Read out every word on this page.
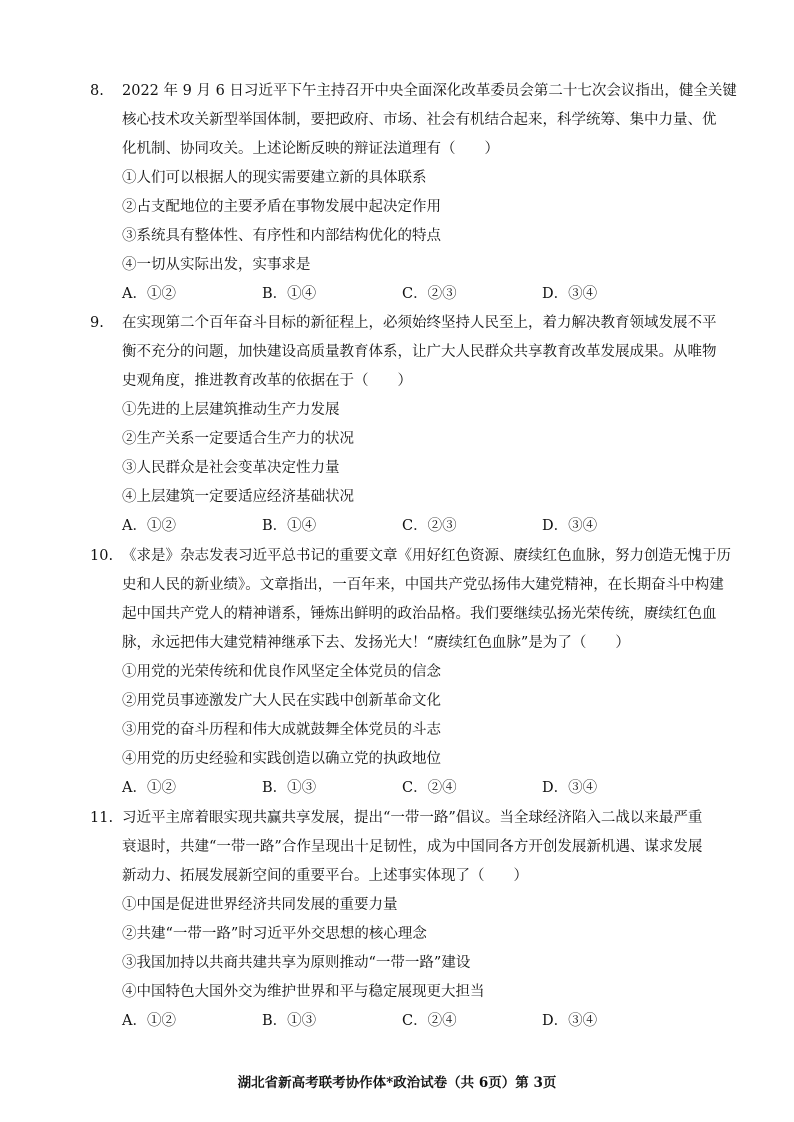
8.	2022 年 9 月 6 日习近平下午主持召开中央全面深化改革委员会第二十七次会议指出，健全关键
核心技术攻关新型举国体制，要把政府、市场、社会有机结合起来，科学统筹、集中力量、优
化机制、协同攻关。上述论断反映的辩证法道理有（　　）
①人们可以根据人的现实需要建立新的具体联系
②占支配地位的主要矛盾在事物发展中起决定作用
③系统具有整体性、有序性和内部结构优化的特点
④一切从实际出发，实事求是
A．①②	B．①④	C．②③	D．③④
9.	在实现第二个百年奋斗目标的新征程上，必须始终坚持人民至上，着力解决教育领域发展不平
衡不充分的问题，加快建设高质量教育体系，让广大人民群众共享教育改革发展成果。从唯物
史观角度，推进教育改革的依据在于（　　）
①先进的上层建筑推动生产力发展
②生产关系一定要适合生产力的状况
③人民群众是社会变革决定性力量
④上层建筑一定要适应经济基础状况
A．①②	B．①④	C．②③	D．③④
10. 《求是》杂志发表习近平总书记的重要文章《用好红色资源、赓续红色血脉，努力创造无愧于历
史和人民的新业绩》。文章指出，一百年来，中国共产党弘扬伟大建党精神，在长期奋斗中构建
起中国共产党人的精神谱系，锤炼出鲜明的政治品格。我们要继续弘扬光荣传统，赓续红色血
脉，永远把伟大建党精神继承下去、发扬光大！“赓续红色血脉”是为了（　　）
①用党的光荣传统和优良作风坚定全体党员的信念
②用党员事迹激发广大人民在实践中创新革命文化
③用党的奋斗历程和伟大成就鼓舞全体党员的斗志
④用党的历史经验和实践创造以确立党的执政地位
A．①②	B．①③	C．②④	D．③④
11. 习近平主席着眼实现共赢共享发展，提出“一带一路”倡议。当全球经济陷入二战以来最严重
衰退时，共建“一带一路”合作呈现出十足韧性，成为中国同各方开创发展新机遇、谋求发展
新动力、拓展发展新空间的重要平台。上述事实体现了（　　）
①中国是促进世界经济共同发展的重要力量
②共建“一带一路”时习近平外交思想的核心理念
③我国加持以共商共建共享为原则推动“一带一路”建设
④中国特色大国外交为维护世界和平与稳定展现更大担当
A．①②	B．①③	C．②④	D．③④
湖北省新高考联考协作体*政治试卷（共 6页）第 3页
